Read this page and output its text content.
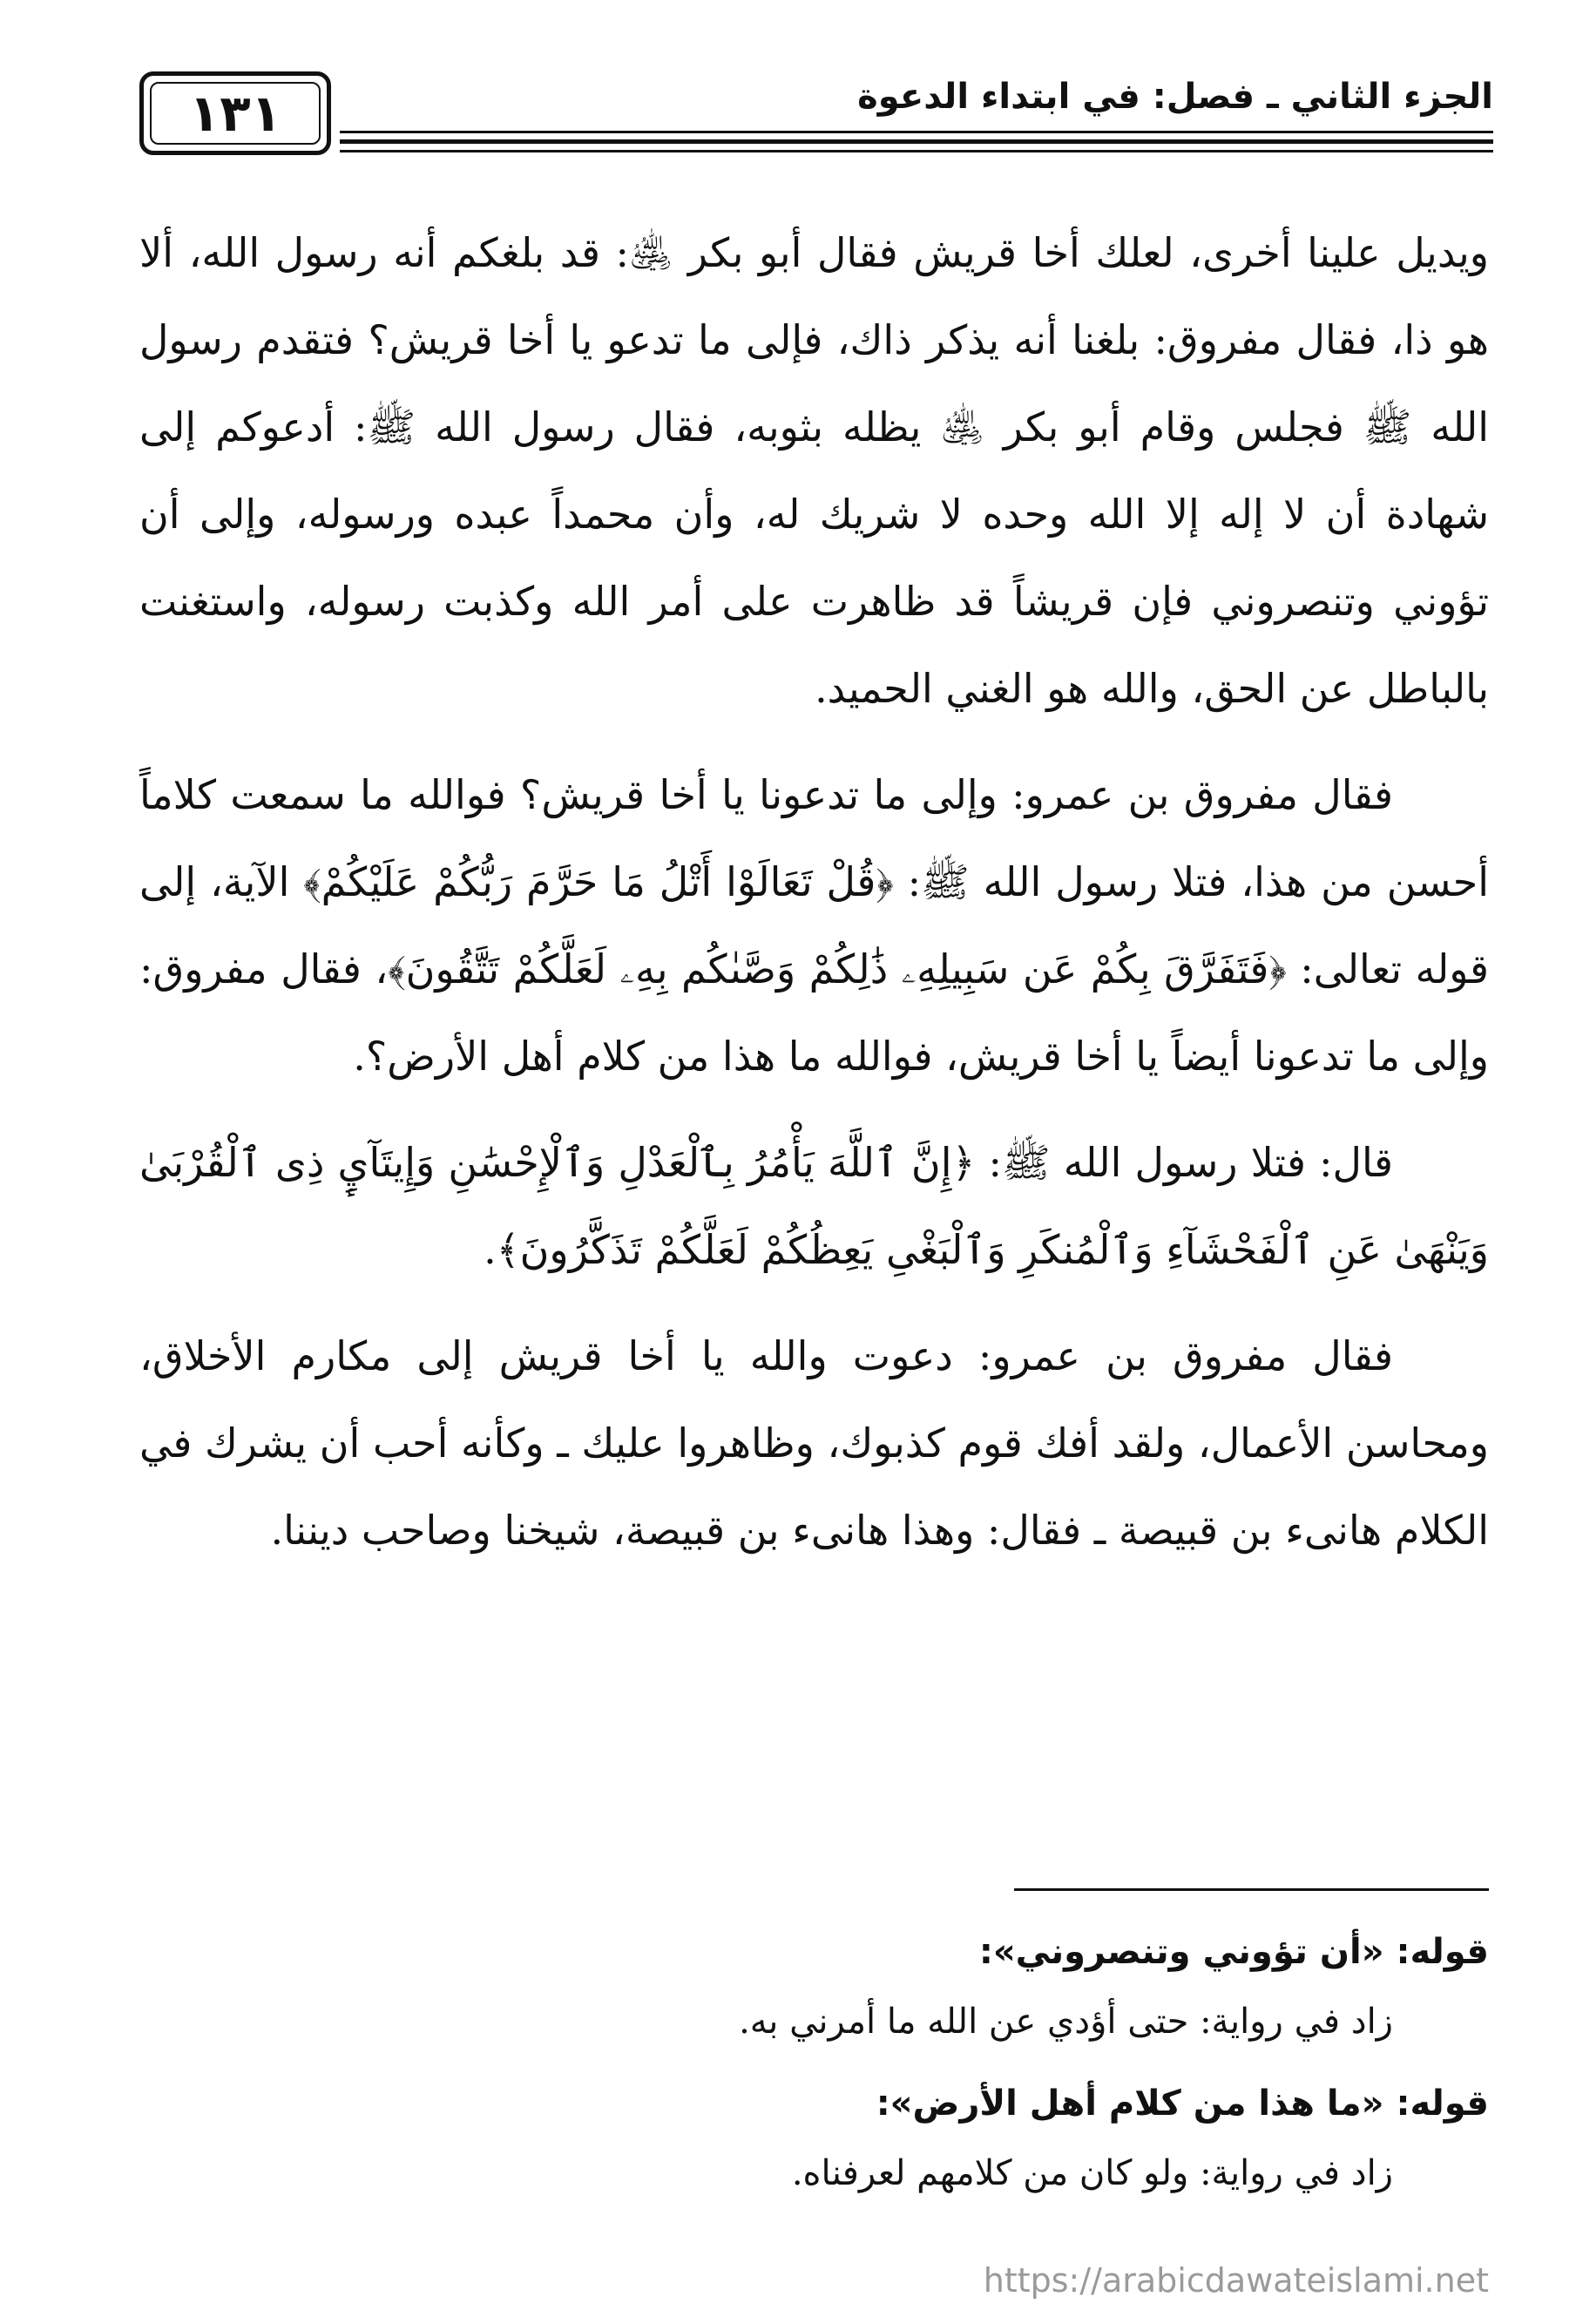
الجزء الثاني ـ فصل: في ابتداء الدعوة
١٣١

ويديل علينا أخرى، لعلك أخا قريش فقال أبو بكر ﵁: قد بلغكم أنه رسول الله، ألا هو ذا، فقال مفروق: بلغنا أنه يذكر ذاك، فإلى ما تدعو يا أخا قريش؟ فتقدم رسول الله ﷺ فجلس وقام أبو بكر ﵁ يظله بثوبه، فقال رسول الله ﷺ: أدعوكم إلى شهادة أن لا إله إلا الله وحده لا شريك له، وأن محمداً عبده ورسوله، وإلى أن تؤوني وتنصروني فإن قريشاً قد ظاهرت على أمر الله وكذبت رسوله، واستغنت بالباطل عن الحق، والله هو الغني الحميد.

فقال مفروق بن عمرو: وإلى ما تدعونا يا أخا قريش؟ فوالله ما سمعت كلاماً أحسن من هذا، فتلا رسول الله ﷺ: ﴿قُلْ تَعَالَوْا أَتْلُ مَا حَرَّمَ رَبُّكُمْ عَلَيْكُمْ﴾ الآية، إلى قوله تعالى: ﴿فَتَفَرَّقَ بِكُمْ عَن سَبِيلِهِۦ ذَٰلِكُمْ وَصَّىٰكُم بِهِۦ لَعَلَّكُمْ تَتَّقُونَ﴾، فقال مفروق: وإلى ما تدعونا أيضاً يا أخا قريش، فوالله ما هذا من كلام أهل الأرض؟.

قال: فتلا رسول الله ﷺ: ﴿إِنَّ ٱللَّهَ يَأْمُرُ بِٱلْعَدْلِ وَٱلْإِحْسَٰنِ وَإِيتَآيِٕ ذِى ٱلْقُرْبَىٰ وَيَنْهَىٰ عَنِ ٱلْفَحْشَآءِ وَٱلْمُنكَرِ وَٱلْبَغْىِ يَعِظُكُمْ لَعَلَّكُمْ تَذَكَّرُونَ﴾.

فقال مفروق بن عمرو: دعوت والله يا أخا قريش إلى مكارم الأخلاق، ومحاسن الأعمال، ولقد أفك قوم كذبوك، وظاهروا عليك ـ وكأنه أحب أن يشرك في الكلام هانىء بن قبيصة ـ فقال: وهذا هانىء بن قبيصة، شيخنا وصاحب ديننا.

قوله: «أن تؤوني وتنصروني»:

زاد في رواية: حتى أؤدي عن الله ما أمرني به.

قوله: «ما هذا من كلام أهل الأرض»:

زاد في رواية: ولو كان من كلامهم لعرفناه.

https://arabicdawateislami.net
